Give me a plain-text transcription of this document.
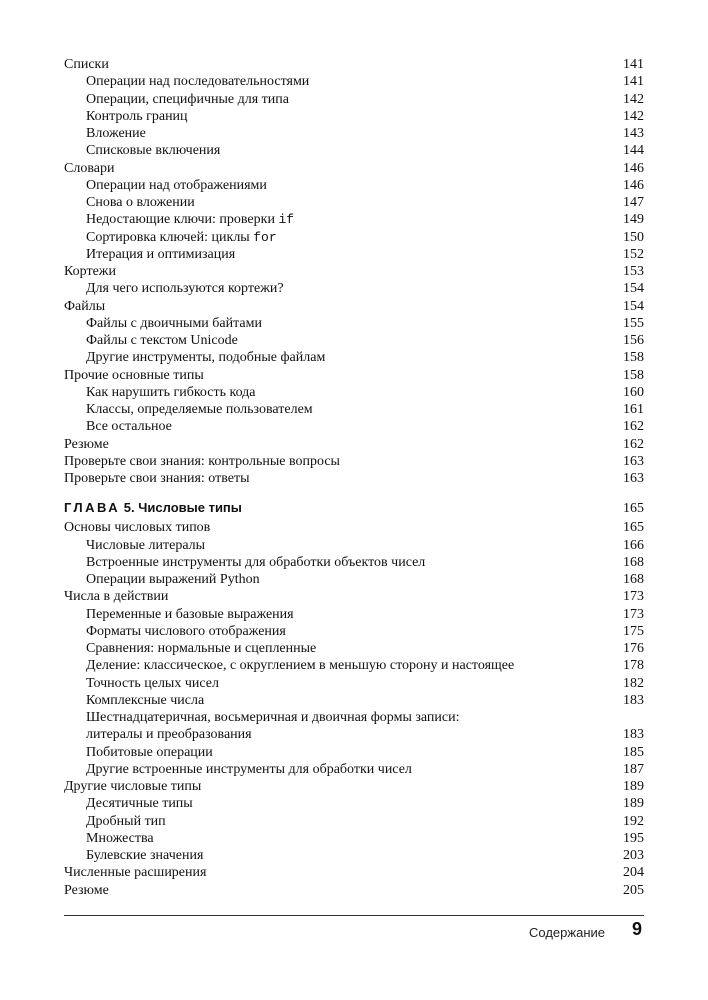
Списки	141
Операции над последовательностями	141
Операции, специфичные для типа	142
Контроль границ	142
Вложение	143
Списковые включения	144
Словари	146
Операции над отображениями	146
Снова о вложении	147
Недостающие ключи: проверки if	149
Сортировка ключей: циклы for	150
Итерация и оптимизация	152
Кортежи	153
Для чего используются кортежи?	154
Файлы	154
Файлы с двоичными байтами	155
Файлы с текстом Unicode	156
Другие инструменты, подобные файлам	158
Прочие основные типы	158
Как нарушить гибкость кода	160
Классы, определяемые пользователем	161
Все остальное	162
Резюме	162
Проверьте свои знания: контрольные вопросы	163
Проверьте свои знания: ответы	163
ГЛАВА 5. Числовые типы	165
Основы числовых типов	165
Числовые литералы	166
Встроенные инструменты для обработки объектов чисел	168
Операции выражений Python	168
Числа в действии	173
Переменные и базовые выражения	173
Форматы числового отображения	175
Сравнения: нормальные и сцепленные	176
Деление: классическое, с округлением в меньшую сторону и настоящее	178
Точность целых чисел	182
Комплексные числа	183
Шестнадцатеричная, восьмеричная и двоичная формы записи:
литералы и преобразования	183
Побитовые операции	185
Другие встроенные инструменты для обработки чисел	187
Другие числовые типы	189
Десятичные типы	189
Дробный тип	192
Множества	195
Булевские значения	203
Численные расширения	204
Резюме	205
Содержание 9
